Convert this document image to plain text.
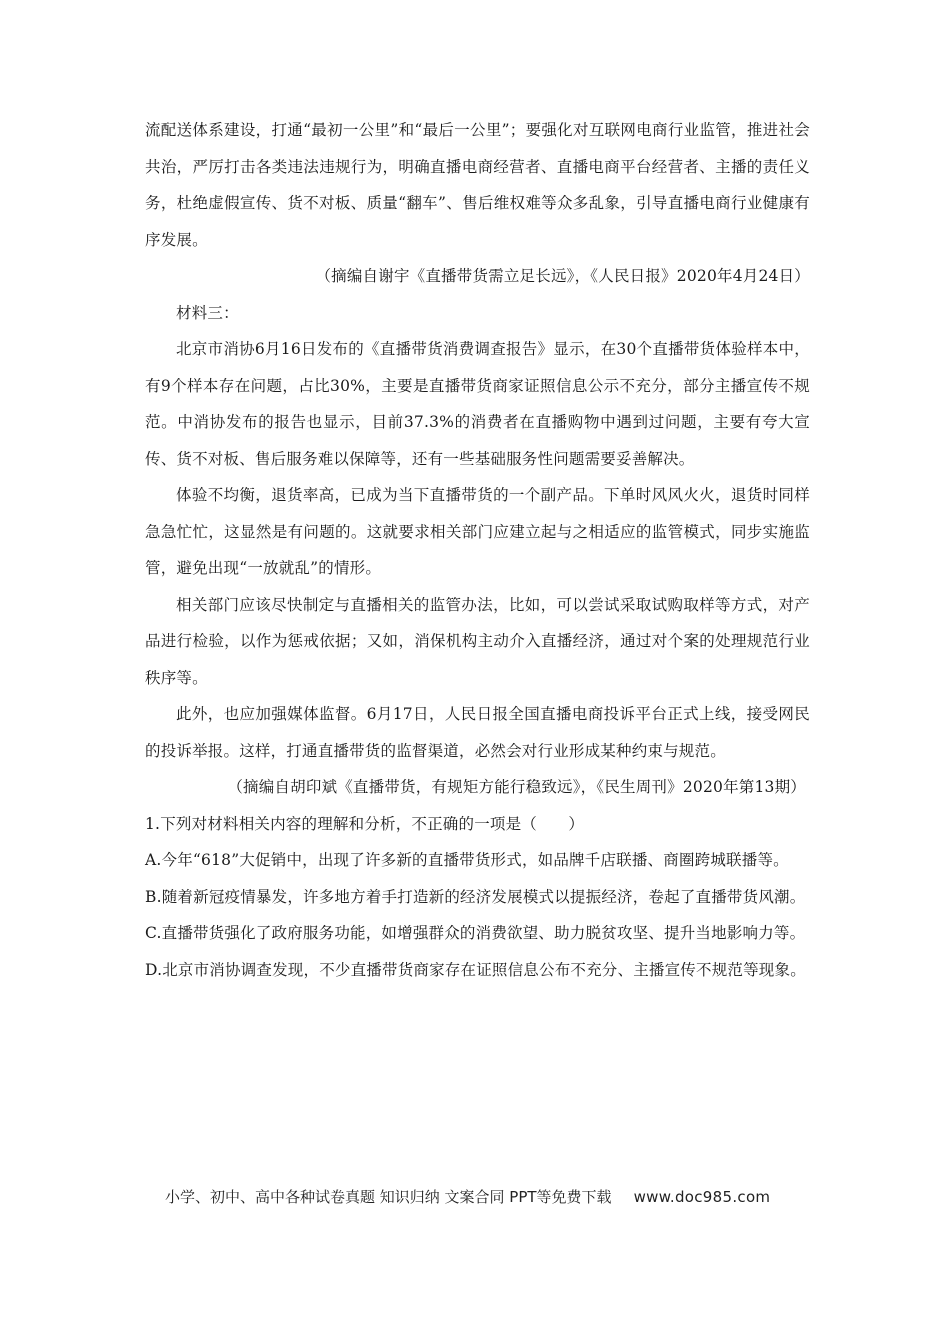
流配送体系建设，打通“最初一公里”和“最后一公里”；要强化对互联网电商行业监管，推进社会共治，严厉打击各类违法违规行为，明确直播电商经营者、直播电商平台经营者、主播的责任义务，杜绝虚假宣传、货不对板、质量“翻车”、售后维权难等众多乱象，引导直播电商行业健康有序发展。

（摘编自谢宇《直播带货需立足长远》，《人民日报》2020年4月24日）

材料三：

北京市消协6月16日发布的《直播带货消费调查报告》显示，在30个直播带货体验样本中，有9个样本存在问题，占比30%，主要是直播带货商家证照信息公示不充分，部分主播宣传不规范。中消协发布的报告也显示，目前37.3%的消费者在直播购物中遇到过问题，主要有夸大宣传、货不对板、售后服务难以保障等，还有一些基础服务性问题需要妥善解决。

体验不均衡，退货率高，已成为当下直播带货的一个副产品。下单时风风火火，退货时同样急急忙忙，这显然是有问题的。这就要求相关部门应建立起与之相适应的监管模式，同步实施监管，避免出现“一放就乱”的情形。

相关部门应该尽快制定与直播相关的监管办法，比如，可以尝试采取试购取样等方式，对产品进行检验，以作为惩戒依据；又如，消保机构主动介入直播经济，通过对个案的处理规范行业秩序等。

此外，也应加强媒体监督。6月17日，人民日报全国直播电商投诉平台正式上线，接受网民的投诉举报。这样，打通直播带货的监督渠道，必然会对行业形成某种约束与规范。

（摘编自胡印斌《直播带货，有规矩方能行稳致远》，《民生周刊》2020年第13期）

1.下列对材料相关内容的理解和分析，不正确的一项是（　　）

A.今年“618”大促销中，出现了许多新的直播带货形式，如品牌千店联播、商圈跨城联播等。

B.随着新冠疫情暴发，许多地方着手打造新的经济发展模式以提振经济，卷起了直播带货风潮。

C.直播带货强化了政府服务功能，如增强群众的消费欲望、助力脱贫攻坚、提升当地影响力等。

D.北京市消协调查发现，不少直播带货商家存在证照信息公布不充分、主播宣传不规范等现象。

小学、初中、高中各种试卷真题 知识归纳 文案合同 PPT等免费下载 www.doc985.com
